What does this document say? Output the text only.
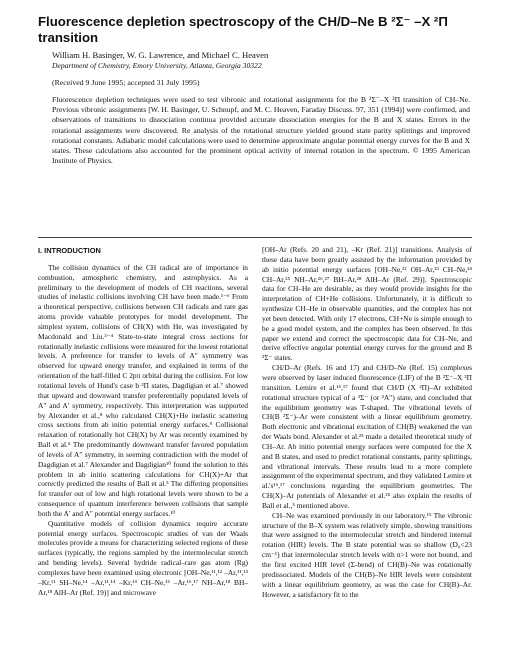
Fluorescence depletion spectroscopy of the CH/D–Ne B ²Σ⁻ –X ²Π transition
William H. Basinger, W. G. Lawrence, and Michael C. Heaven
Department of Chemistry, Emory University, Atlanta, Georgia 30322
(Received 9 June 1995; accepted 31 July 1995)
Fluorescence depletion techniques were used to test vibronic and rotational assignments for the B ²Σ⁻–X ²Π transition of CH–Ne. Previous vibronic assignments [W. H. Basinger, U. Schnupf, and M. C. Heaven, Faraday Discuss. 97, 351 (1994)] were confirmed, and observations of transitions to dissociation continua provided accurate dissociation energies for the B and X states. Errors in the rotational assignments were discovered. Re analysis of the rotational structure yielded ground state parity splittings and improved rotational constants. Adiabatic model calculations were used to determine approximate angular potential energy curves for the B and X states. These calculations also accounted for the prominent optical activity of internal rotation in the spectrum. © 1995 American Institute of Physics.
I. INTRODUCTION

The collision dynamics of the CH radical are of importance in combustion, atmospheric chemistry, and astrophysics. As a preliminary to the development of models of CH reactions, several studies of inelastic collisions involving CH have been made.¹⁻⁶ From a theoretical perspective, collisions between CH radicals and rare gas atoms provide valuable prototypes for model development. The simplest system, collisions of CH(X) with He, was investigated by Macdonald and Liu.²⁻⁴ State-to-state integral cross sections for rotationally inelastic collisions were measured for the lowest rotational levels. A preference for transfer to levels of A″ symmetry was observed for upward energy transfer, and explained in terms of the orientation of the half-filled C 2pπ orbital during the collision. For low rotational levels of Hund's case b ²Π states, Dagdigian et al.⁷ showed that upward and downward transfer preferentially populated levels of A″ and A′ symmetry, respectively. This interpretation was supported by Alexander et al.,⁸ who calculated CH(X)+He inelastic scattering cross sections from ab initio potential energy surfaces.⁹ Collisional relaxation of rotationally hot CH(X) by Ar was recently examined by Ball et al.⁵ The predominantly downward transfer favored population of levels of A″ symmetry, in seeming contradiction with the model of Dagdigian et al.⁷ Alexander and Dagdigian¹⁰ found the solution to this problem in ab initio scattering calculations for CH(X)+Ar that correctly predicted the results of Ball et al.⁵ The differing propensities for transfer out of low and high rotational levels were shown to be a consequence of quantum interference between collisions that sample both the A′ and A″ potential energy surfaces.¹⁰

Quantitative models of collision dynamics require accurate potential energy surfaces. Spectroscopic studies of van der Waals molecules provide a means for characterizing selected regions of these surfaces (typically, the regions sampled by the intermolecular stretch and bending levels). Several hydride radical–rare gas atom (Rg) complexes have been examined using electronic [OH–Ne,¹¹,¹² –Ar,¹¹,¹³ –Kr,¹¹ SH–Ne,¹⁴ –Ar,¹¹,¹⁴ –Kr,¹⁴ CH–Ne,¹⁵ –Ar,¹⁶,¹⁷ NH–Ar,¹⁸ BH–Ar,¹⁸ AlH–Ar (Ref. 19)] and microwave

[OH–Ar (Refs. 20 and 21), –Kr (Ref. 21)] transitions. Analysis of these data have been greatly assisted by the information provided by ab initio potential energy surfaces [OH–Ne,²² OH–Ar,²³ CH–Ne,²⁴ CH–Ar,²⁵ NH–Ar,²⁶,²⁷ BH–Ar,²⁸ AlH–Ar (Ref. 29)]. Spectroscopic data for CH–He are desirable, as they would provide insights for the interpretation of CH+He collisions. Unfortunately, it is difficult to synthesize CH–He in observable quantities, and the complex has not yet been detected. With only 17 electrons, CH+Ne is simple enough to be a good model system, and the complex has been observed. In this paper we extend and correct the spectroscopic data for CH–Ne, and derive effective angular potential energy curves for the ground and B ²Σ⁻ states.

CH/D–Ar (Refs. 16 and 17) and CH/D–Ne (Ref. 15) complexes were observed by laser induced fluorescence (LIF) of the B ²Σ⁻–X ²Π transition. Lemire et al.¹⁶,¹⁷ found that CH/D (X ²Π)–Ar exhibited rotational structure typical of a ²Σ⁻ (or ²A″) state, and concluded that the equilibrium geometry was T-shaped. The vibrational levels of CH(B ²Σ⁻)–Ar were consistent with a linear equilibrium geometry. Both electronic and vibrational excitation of CH(B) weakened the van der Waals bond. Alexander et al.²⁵ made a detailed theoretical study of CH–Ar. Ab initio potential energy surfaces were computed for the X and B states, and used to predict rotational constants, parity splittings, and vibrational intervals. These results lead to a more complete assignment of the experimental spectrum, and they validated Lemire et al.'s¹⁶,¹⁷ conclusions regarding the equilibrium geometries. The CH(X)–Ar potentials of Alexander et al.²⁵ also explain the results of Ball et al.,⁵ mentioned above.

CH–Ne was examined previously in our laboratory.¹⁵ The vibronic structure of the B–X system was relatively simple, showing transitions that were assigned to the intermolecular stretch and hindered internal rotation (HIR) levels. The B state potential was so shallow (D₀<23 cm⁻¹) that intermolecular stretch levels with n>1 were not bound, and the first excited HIR level (Σ-bend) of CH(B)–Ne was rotationally predissociated. Models of the CH(B)–Ne HIR levels were consistent with a linear equilibrium geometry, as was the case for CH(B)–Ar. However, a satisfactory fit to the
